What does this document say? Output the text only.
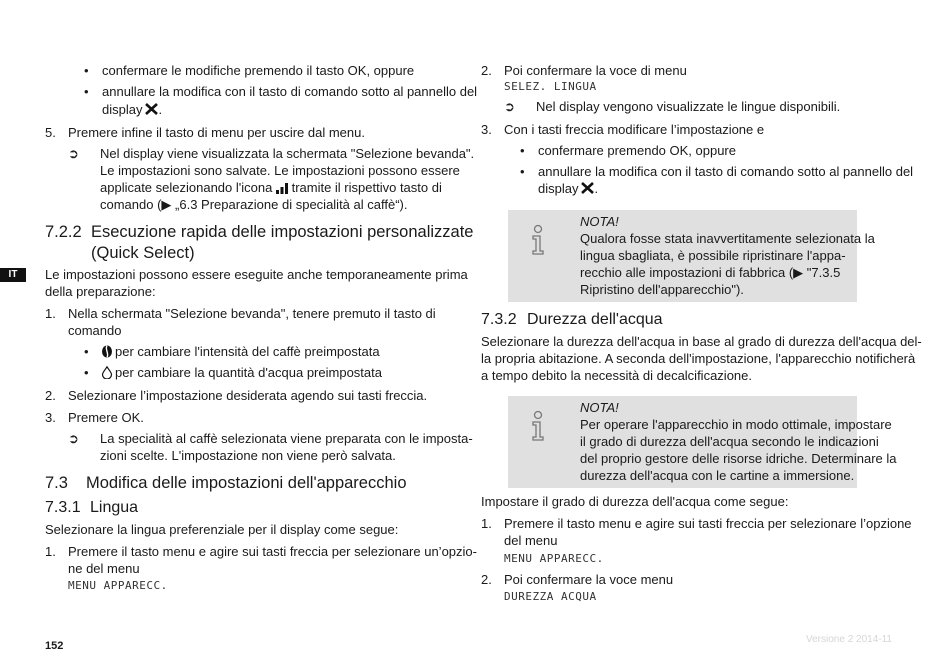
IT
• confermare le modifiche premendo il tasto OK, oppure
• annullare la modifica con il tasto di comando sotto al pannello del
display .
5. Premere infine il tasto di menu per uscire dal menu.
➲ Nel display viene visualizzata la schermata "Selezione bevanda".
Le impostazioni sono salvate. Le impostazioni possono essere
applicate selezionando l'icona tramite il rispettivo tasto di
comando (▶ „6.3 Preparazione di specialità al caffè“).
7.2.2 Esecuzione rapida delle impostazioni personalizzate
(Quick Select)
Le impostazioni possono essere eseguite anche temporaneamente prima
della preparazione:
1. Nella schermata "Selezione bevanda", tenere premuto il tasto di
comando
• per cambiare l'intensità del caffè preimpostata
• per cambiare la quantità d'acqua preimpostata
2. Selezionare l’impostazione desiderata agendo sui tasti freccia.
3. Premere OK.
➲ La specialità al caffè selezionata viene preparata con le imposta-
zioni scelte. L'impostazione non viene però salvata.
7.3 Modifica delle impostazioni dell'apparecchio
7.3.1 Lingua
Selezionare la lingua preferenziale per il display come segue:
1. Premere il tasto menu e agire sui tasti freccia per selezionare un’opzio-
ne del menu
MENU APPARECC.
2. Poi confermare la voce di menu
SELEZ. LINGUA
➲ Nel display vengono visualizzate le lingue disponibili.
3. Con i tasti freccia modificare l’impostazione e
• confermare premendo OK, oppure
• annullare la modifica con il tasto di comando sotto al pannello del
display .
NOTA!
Qualora fosse stata inavvertitamente selezionata la
lingua sbagliata, è possibile ripristinare l'appa-
recchio alle impostazioni di fabbrica (▶ "7.3.5
Ripristino dell'apparecchio").
7.3.2 Durezza dell'acqua
Selezionare la durezza dell'acqua in base al grado di durezza dell'acqua del-
la propria abitazione. A seconda dell'impostazione, l'apparecchio notificherà
a tempo debito la necessità di decalcificazione.
NOTA!
Per operare l'apparecchio in modo ottimale, impostare
il grado di durezza dell'acqua secondo le indicazioni
del proprio gestore delle risorse idriche. Determinare la
durezza dell'acqua con le cartine a immersione.
Impostare il grado di durezza dell'acqua come segue:
1. Premere il tasto menu e agire sui tasti freccia per selezionare l’opzione
del menu
MENU APPARECC.
2. Poi confermare la voce menu
DUREZZA ACQUA
152
Versione 2 2014-11
